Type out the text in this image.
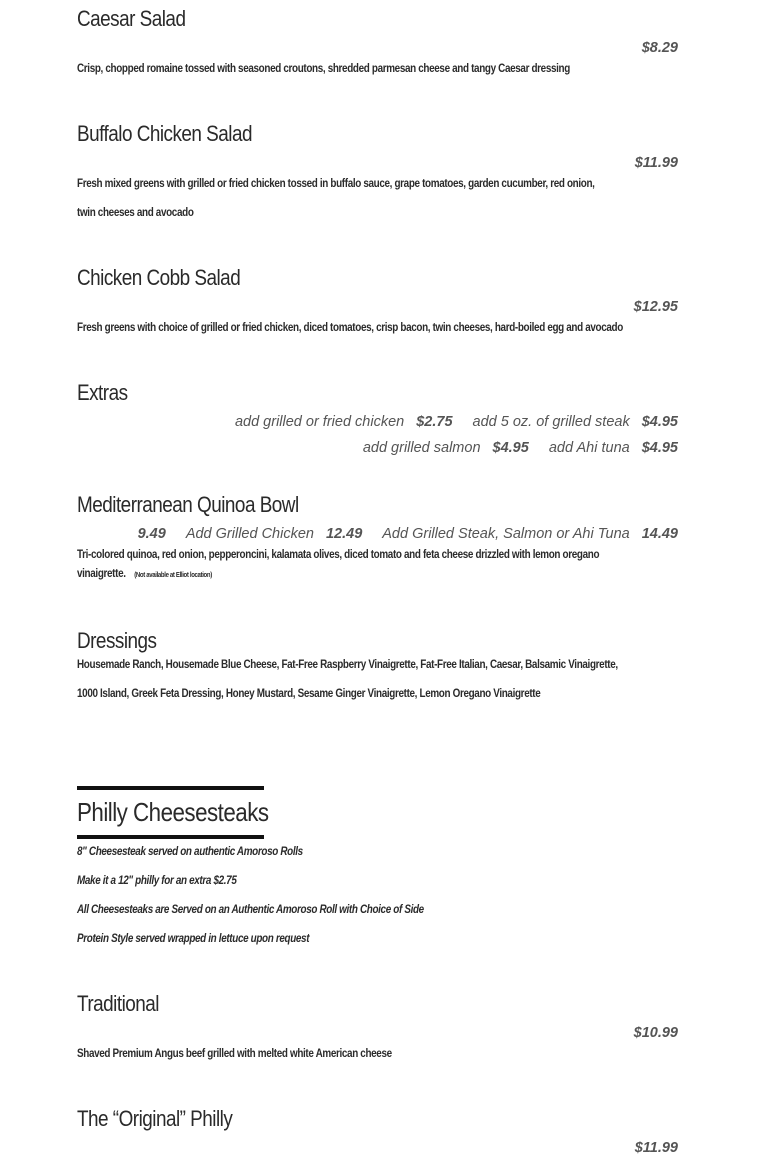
Caesar Salad
$8.29
Crisp, chopped romaine tossed with seasoned croutons, shredded parmesan cheese and tangy Caesar dressing
Buffalo Chicken Salad
$11.99
Fresh mixed greens with grilled or fried chicken tossed in buffalo sauce, grape tomatoes, garden cucumber, red onion,
twin cheeses and avocado
Chicken Cobb Salad
$12.95
Fresh greens with choice of grilled or fried chicken, diced tomatoes, crisp bacon, twin cheeses, hard-boiled egg and avocado
Extras
add grilled or fried chicken $2.75 add 5 oz. of grilled steak $4.95
add grilled salmon $4.95 add Ahi tuna $4.95
Mediterranean Quinoa Bowl
9.49 Add Grilled Chicken 12.49 Add Grilled Steak, Salmon or Ahi Tuna 14.49
Tri-colored quinoa, red onion, pepperoncini, kalamata olives, diced tomato and feta cheese drizzled with lemon oregano
vinaigrette. (Not available at Elliot location)
Dressings
Housemade Ranch, Housemade Blue Cheese, Fat-Free Raspberry Vinaigrette, Fat-Free Italian, Caesar, Balsamic Vinaigrette,
1000 Island, Greek Feta Dressing, Honey Mustard, Sesame Ginger Vinaigrette, Lemon Oregano Vinaigrette
Philly Cheesesteaks
8" Cheesesteak served on authentic Amoroso Rolls
Make it a 12" philly for an extra $2.75
All Cheesesteaks are Served on an Authentic Amoroso Roll with Choice of Side
Protein Style served wrapped in lettuce upon request
Traditional
$10.99
Shaved Premium Angus beef grilled with melted white American cheese
The “Original” Philly
$11.99
